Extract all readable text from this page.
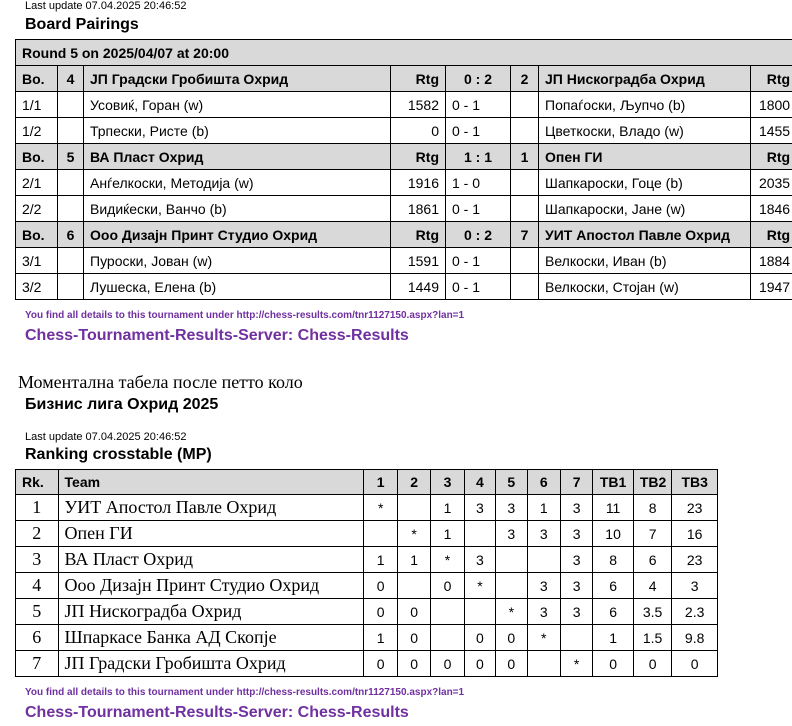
Last update 07.04.2025 20:46:52
Board Pairings
Round 5 on 2025/04/07 at 20:00							
Bo.	4	ЈП Градски Гробишта Охрид	Rtg	0 : 2	2	ЈП Нискоградба Охрид	Rtg
1/1		Усовиќ, Горан (w)	1582	0 - 1		Попаѓоски, Љупчо (b)	1800
1/2		Трпески, Ристе (b)	0	0 - 1		Цветкоски, Владо (w)	1455
Bo.	5	ВА Пласт Охрид	Rtg	1 : 1	1	Опен ГИ	Rtg
2/1		Анѓелкоски, Методија (w)	1916	1 - 0		Шапкароски, Гоце (b)	2035
2/2		Видиќески, Ванчо (b)	1861	0 - 1		Шапкароски, Јане (w)	1846
Bo.	6	Ооо Дизајн Принт Студио Охрид	Rtg	0 : 2	7	УИТ Апостол Павле Охрид	Rtg
3/1		Пуроски, Јован (w)	1591	0 - 1		Велкоски, Иван (b)	1884
3/2		Лушеска, Елена (b)	1449	0 - 1		Велкоски, Стојан (w)	1947
You find all details to this tournament under http://chess-results.com/tnr1127150.aspx?lan=1
Chess-Tournament-Results-Server: Chess-Results
Моментална табела после петто коло
Бизнис лига Охрид 2025
Last update 07.04.2025 20:46:52
Ranking crosstable (MP)
Rk.	Team	1	2	3	4	5	6	7	TB1	TB2	TB3
1	УИТ Апостол Павле Охрид	*		1	3	3	1	3	11	8	23
2	Опен ГИ		*	1		3	3	3	10	7	16
3	ВА Пласт Охрид	1	1	*	3			3	8	6	23
4	Ооо Дизајн Принт Студио Охрид	0		0	*		3	3	6	4	3
5	ЈП Нискоградба Охрид	0	0			*	3	3	6	3.5	2.3
6	Шпаркасе Банка АД Скопје	1	0		0	0	*		1	1.5	9.8
7	ЈП Градски Гробишта Охрид	0	0	0	0	0		*	0	0	0
You find all details to this tournament under http://chess-results.com/tnr1127150.aspx?lan=1
Chess-Tournament-Results-Server: Chess-Results
